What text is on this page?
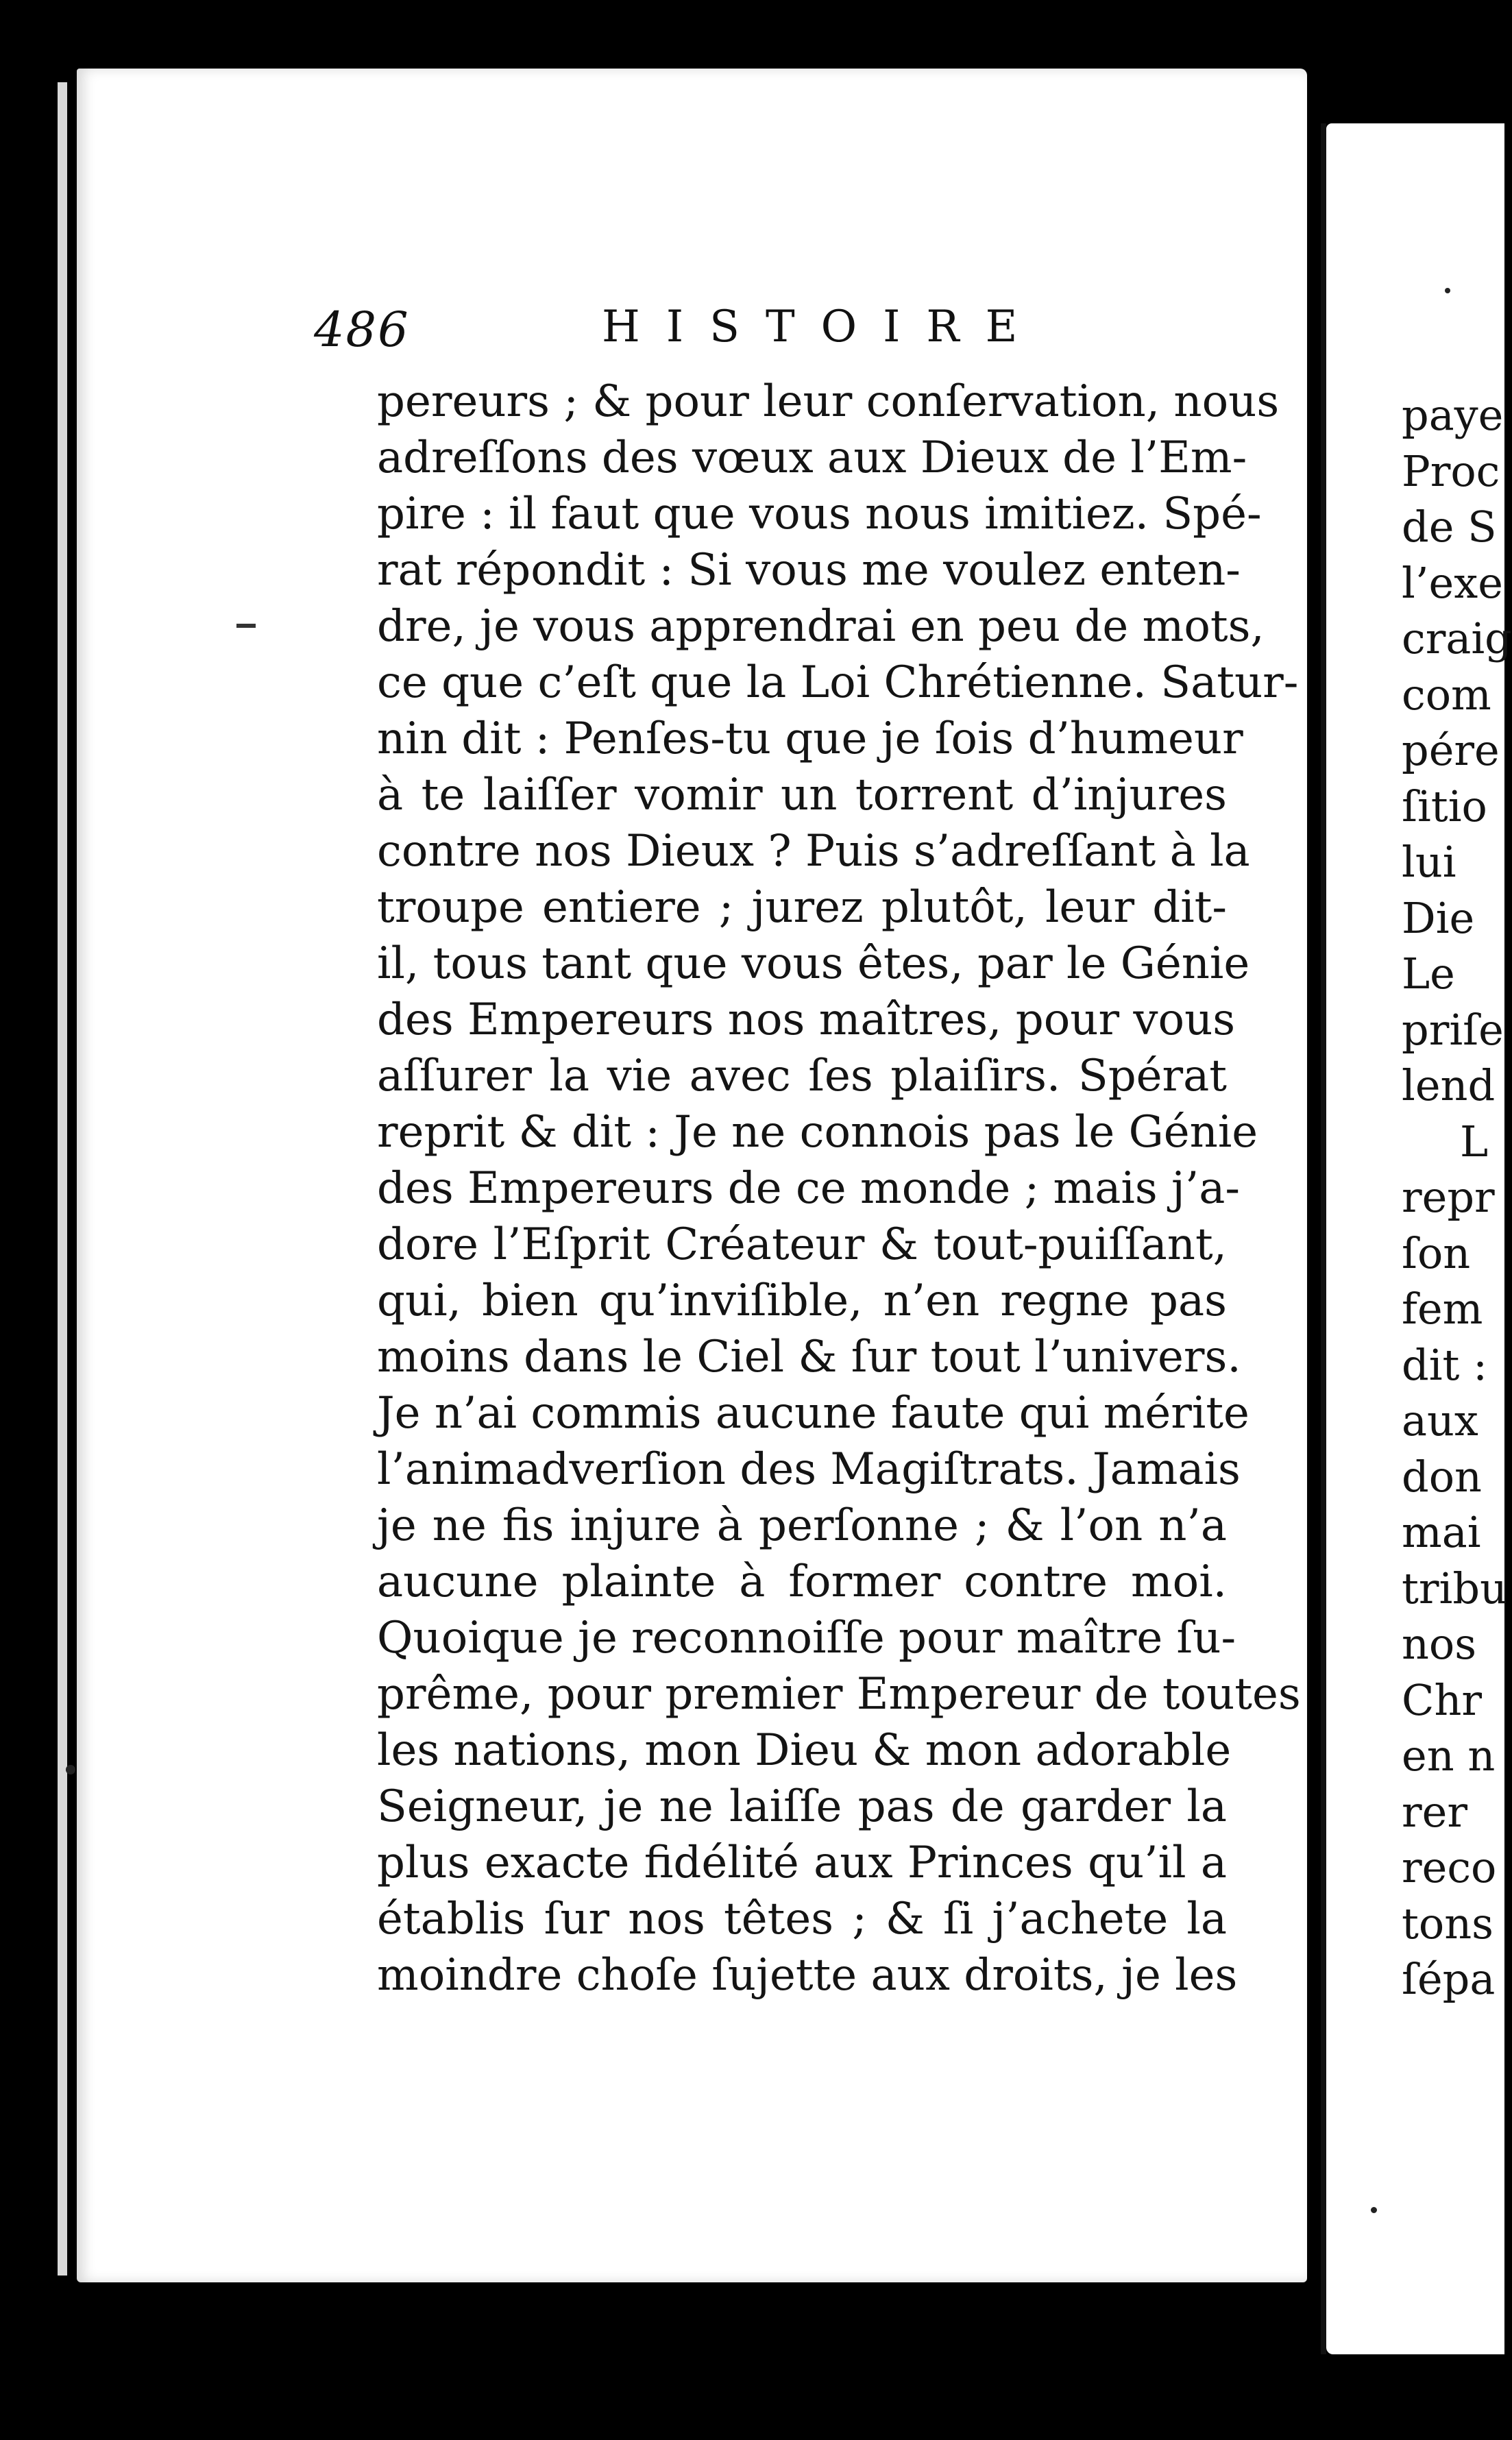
486	HISTOIRE
pereurs ; & pour leur conſervation, nous
adreſſons des vœux aux Dieux de l’Em-
pire : il faut que vous nous imitiez. Spé-
rat répondit : Si vous me voulez enten-
dre, je vous apprendrai en peu de mots,
ce que c’eſt que la Loi Chrétienne. Satur-
nin dit : Penſes-tu que je ſois d’humeur
à te laiſſer vomir un torrent d’injures
contre nos Dieux ? Puis s’adreſſant à la
troupe entiere ; jurez plutôt, leur dit-
il, tous tant que vous êtes, par le Génie
des Empereurs nos maîtres, pour vous
aſſurer la vie avec ſes plaiſirs. Spérat
reprit & dit : Je ne connois pas le Génie
des Empereurs de ce monde ; mais j’a-
dore l’Eſprit Créateur & tout-puiſſant,
qui, bien qu’inviſible, n’en regne pas
moins dans le Ciel & ſur tout l’univers.
Je n’ai commis aucune faute qui mérite
l’animadverſion des Magiſtrats. Jamais
je ne fis injure à perſonne ; & l’on n’a
aucune plainte à former contre moi.
Quoique je reconnoiſſe pour maître ſu-
prême, pour premier Empereur de toutes
les nations, mon Dieu & mon adorable
Seigneur, je ne laiſſe pas de garder la
plus exacte fidélité aux Princes qu’il a
établis ſur nos têtes ; & ſi j’achete la
moindre choſe ſujette aux droits, je les
paye
Proc
de S
l’exe
craig
com
pére
ſitio
lui
Die
Le
priſe
lend
L
repr
ſon
fem
dit :
aux
don
mai
tribu
nos
Chr
en n
rer
reco
tons
ſépa
